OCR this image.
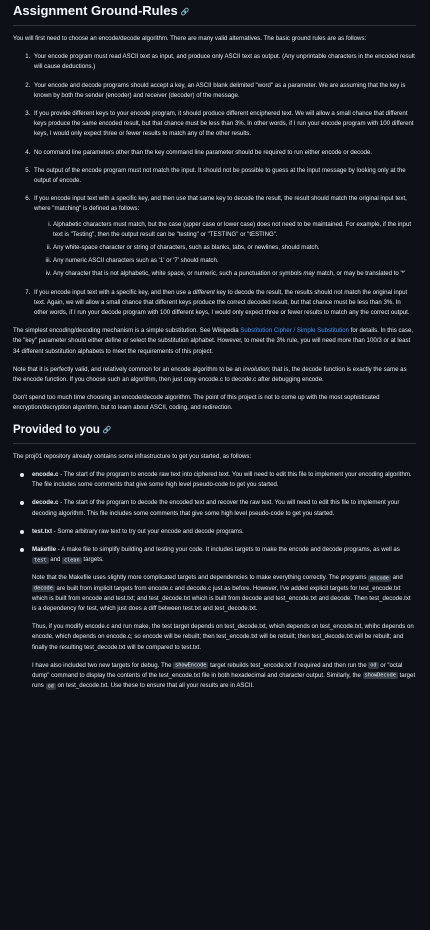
Assignment Ground-Rules 🔗

You will first need to choose an encode/decode algorithm. There are many valid alternatives. The basic ground rules are as follows:

1. Your encode program must read ASCII text as input, and produce only ASCII text as output. (Any unprintable characters in the encoded result will cause deductions.)
2. Your encode and decode programs should accept a key, an ASCII blank delimited "word" as a parameter. We are assuming that the key is known by both the sender (encoder) and receiver (decoder) of the message.
3. If you provide different keys to your encode program, it should produce different enciphered text. We will allow a small chance that different keys produce the same encoded result, but that chance must be less than 3%. In other words, if I run your encode program with 100 different keys, I would only expect three or fewer results to match any of the other results.
4. No command line parameters other than the key command line parameter should be required to run either encode or decode.
5. The output of the encode program must not match the input. It should not be possible to guess at the input message by looking only at the output of encode.
6. If you encode input text with a specific key, and then use that same key to decode the result, the result should match the original input text, where "matching" is defined as follows:
i. Alphabetic characters must match, but the case (upper case or lower case) does not need to be maintained. For example, if the input text is "Testing", then the output result can be "testing" or "TESTING" or "tESTING".
ii. Any white-space character or string of characters, such as blanks, tabs, or newlines, should match.
iii. Any numeric ASCII characters such as '1' or '7' should match.
iv. Any character that is not alphabetic, white space, or numeric, such a punctuation or symbols may match, or may be translated to '*'
7. If you encode input text with a specific key, and then use a different key to decode the result, the results should not match the original input text. Again, we will allow a small chance that different keys produce the correct decoded result, but that chance must be less than 3%. In other words, if I run your decode program with 100 different keys, I would only expect three or fewer results to match any the correct output.

The simplest encoding/decoding mechanism is a simple substitution. See Wikipedia Substitution Cipher / Simple Substitution for details. In this case, the "key" parameter should either define or select the substitution alphabet. However, to meet the 3% rule, you will need more than 100/3 or at least 34 different substitution alphabets to meet the requirements of this project.

Note that it is perfectly valid, and relatively common for an encode algorithm to be an involution; that is, the decode function is exactly the same as the encode function. If you choose such an algorithm, then just copy encode.c to decode.c after debugging encode.

Don't spend too much time choosing an encode/decode algorithm. The point of this project is not to come up with the most sophisticated encryption/decryption algorithm, but to learn about ASCII, coding, and redirection.

Provided to you 🔗

The proj01 repository already contains some infrastructure to get you started, as follows:

encode.c - The start of the program to encode raw text into ciphered text. You will need to edit this file to implement your encoding algorithm. The file includes some comments that give some high level pseudo-code to get you started.
decode.c - The start of the program to decode the encoded text and recover the raw text. You will need to edit this file to implement your decoding algorithm. This file includes some comments that give some high level pseudo-code to get you started.
test.txt - Some arbitrary raw text to try out your encode and decode programs.

Makefile - A make file to simplify building and testing your code. It includes targets to make the encode and decode programs, as well as test and clean targets.

Note that the Makefile uses slightly more complicated targets and dependencies to make everything correctly. The programs encode and decode are built from implicit targets from encode.c and decode.c just as before. However, I've added explicit targets for test_encode.txt which is built from encode and test.txt; and test_decode.txt which is built from decode and test_encode.txt and decode. Then test_decode.txt is a dependency for test, which just does a diff between test.txt and test_decode.txt.

Thus, if you modify encode.c and run make, the test target depends on test_decode.txt, which depends on test_encode.txt, whihc depends on encode, which depends on encode.c; so encode will be rebuilt; then test_encode.txt will be rebuilt; then test_decode.txt will be rebuilt; and finally the resulting test_decode.txt will be compared to test.txt.

I have also included two new targets for debug. The showEncode target rebuilds test_encode.txt if required and then run the od or "octal dump" command to display the contents of the test_encode.txt file in both hexadecimal and character output. Similarly, the showDecode target runs od on test_decode.txt. Use these to ensure that all your results are in ASCII.
